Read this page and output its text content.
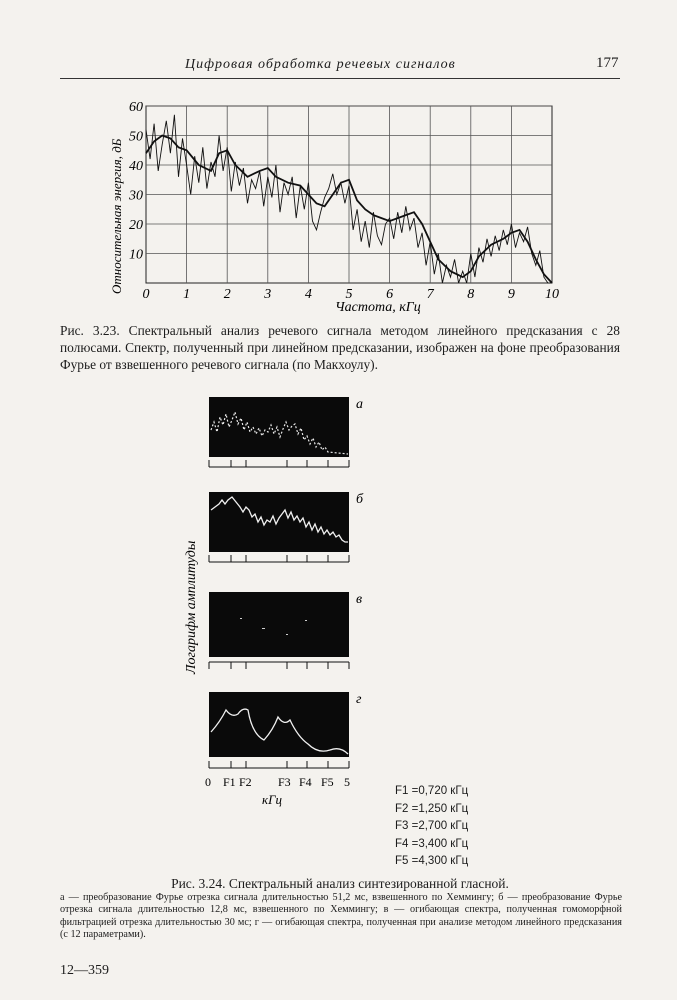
Цифровая обработка речевых сигналов	177
10
20
30
40
50
60
0 1 2 3 4 5 6 7 8 9 10
Относительная энергия, дБ
Частота, кГц
Рис. 3.23. Спектральный анализ речевого сигнала методом линейного предсказания с 28 полюсами. Спектр, полученный при линейном предсказании, изображен на фоне преобразования Фурье от взвешенного речевого сигнала (по Макхоулу).
Логарифм амплитуды
а
б
в
г
0 F1 F2 F3 F4 F5 5
кГц
F1 =0,720 кГц
F2 =1,250 кГц
F3 =2,700 кГц
F4 =3,400 кГц
F5 =4,300 кГц
Рис. 3.24. Спектральный анализ синтезированной гласной.
а — преобразование Фурье отрезка сигнала длительностью 51,2 мс, взвешенного по Хеммингу; б — преобразование Фурье отрезка сигнала длительностью 12,8 мс, взвешенного по Хеммингу; в — огибающая спектра, полученная гомоморфной фильтрацией отрезка длительностью 30 мс; г — огибающая спектра, полученная при анализе методом линейного предсказания (с 12 параметрами).
12—359
